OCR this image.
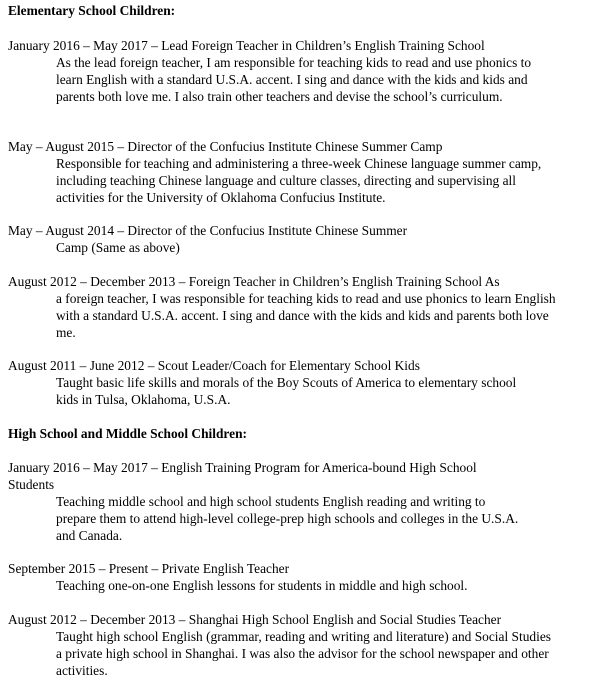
Elementary School Children:

January 2016 – May 2017 – Lead Foreign Teacher in Children’s English Training School
As the lead foreign teacher, I am responsible for teaching kids to read and use phonics to learn English with a standard U.S.A. accent. I sing and dance with the kids and kids and parents both love me. I also train other teachers and devise the school’s curriculum.
May – August 2015 – Director of the Confucius Institute Chinese Summer Camp
Responsible for teaching and administering a three-week Chinese language summer camp, including teaching Chinese language and culture classes, directing and supervising all activities for the University of Oklahoma Confucius Institute.
May – August 2014 – Director of the Confucius Institute Chinese Summer
Camp (Same as above)
August 2012 – December 2013 – Foreign Teacher in Children’s English Training School As
a foreign teacher, I was responsible for teaching kids to read and use phonics to learn English with a standard U.S.A. accent. I sing and dance with the kids and kids and parents both love me.
August 2011 – June 2012 – Scout Leader/Coach for Elementary School Kids
Taught basic life skills and morals of the Boy Scouts of America to elementary school kids in Tulsa, Oklahoma, U.S.A.

High School and Middle School Children:

January 2016 – May 2017 – English Training Program for America-bound High School Students
Teaching middle school and high school students English reading and writing to prepare them to attend high-level college-prep high schools and colleges in the U.S.A. and Canada.
September 2015 – Present – Private English Teacher
Teaching one-on-one English lessons for students in middle and high school.
August 2012 – December 2013 – Shanghai High School English and Social Studies Teacher
Taught high school English (grammar, reading and writing and literature) and Social Studies a private high school in Shanghai. I was also the advisor for the school newspaper and other activities.
